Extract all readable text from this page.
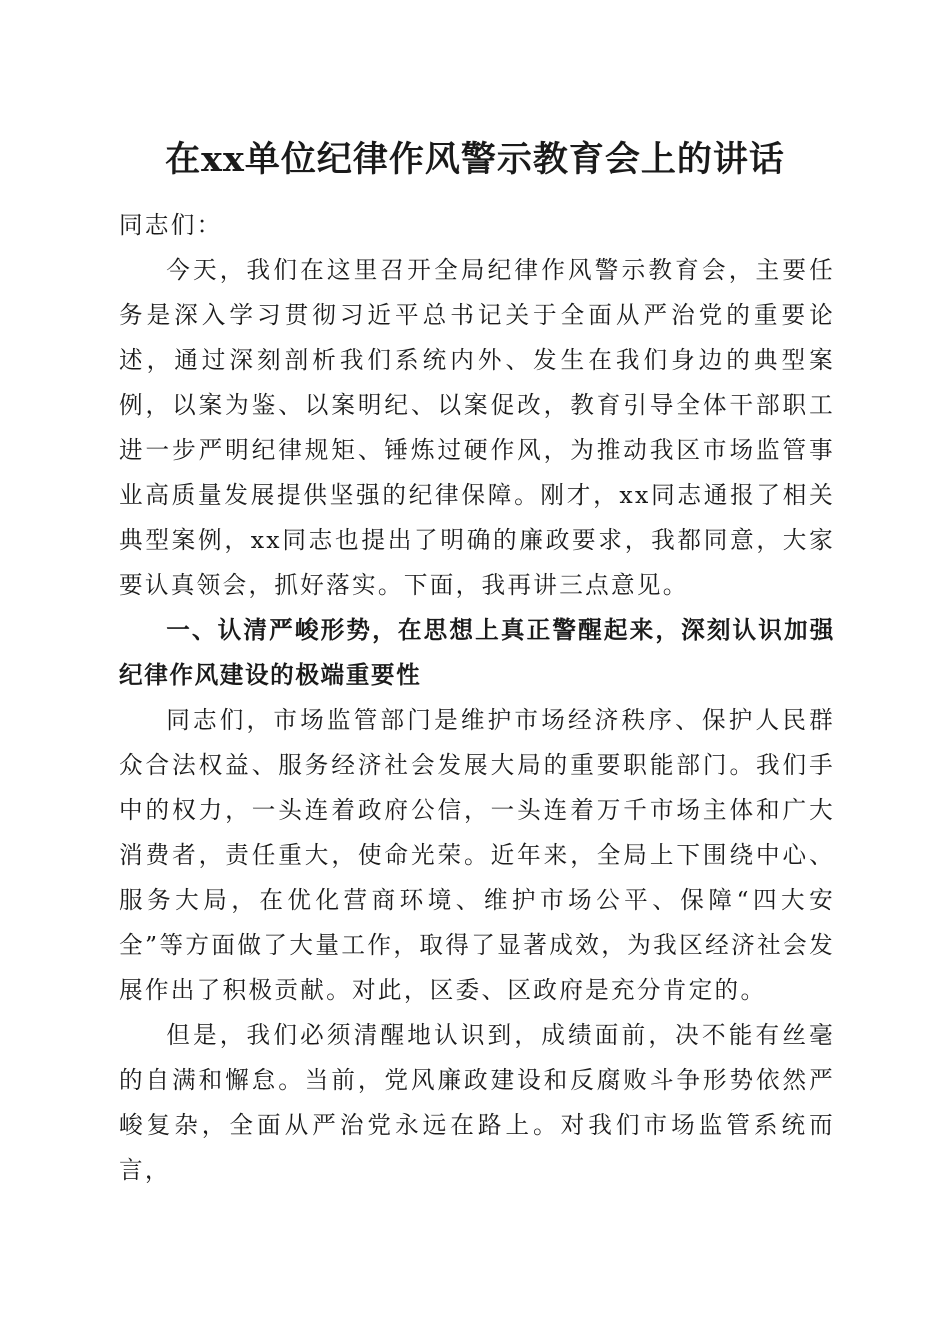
在xx单位纪律作风警示教育会上的讲话

同志们：

今天，我们在这里召开全局纪律作风警示教育会，主要任务是深入学习贯彻习近平总书记关于全面从严治党的重要论述，通过深刻剖析我们系统内外、发生在我们身边的典型案例，以案为鉴、以案明纪、以案促改，教育引导全体干部职工进一步严明纪律规矩、锤炼过硬作风，为推动我区市场监管事业高质量发展提供坚强的纪律保障。刚才，xx同志通报了相关典型案例，xx同志也提出了明确的廉政要求，我都同意，大家要认真领会，抓好落实。下面，我再讲三点意见。

一、认清严峻形势，在思想上真正警醒起来，深刻认识加强纪律作风建设的极端重要性

同志们，市场监管部门是维护市场经济秩序、保护人民群众合法权益、服务经济社会发展大局的重要职能部门。我们手中的权力，一头连着政府公信，一头连着万千市场主体和广大消费者，责任重大，使命光荣。近年来，全局上下围绕中心、服务大局，在优化营商环境、维护市场公平、保障“四大安全”等方面做了大量工作，取得了显著成效，为我区经济社会发展作出了积极贡献。对此，区委、区政府是充分肯定的。

但是，我们必须清醒地认识到，成绩面前，决不能有丝毫的自满和懈怠。当前，党风廉政建设和反腐败斗争形势依然严峻复杂，全面从严治党永远在路上。对我们市场监管系统而言，
